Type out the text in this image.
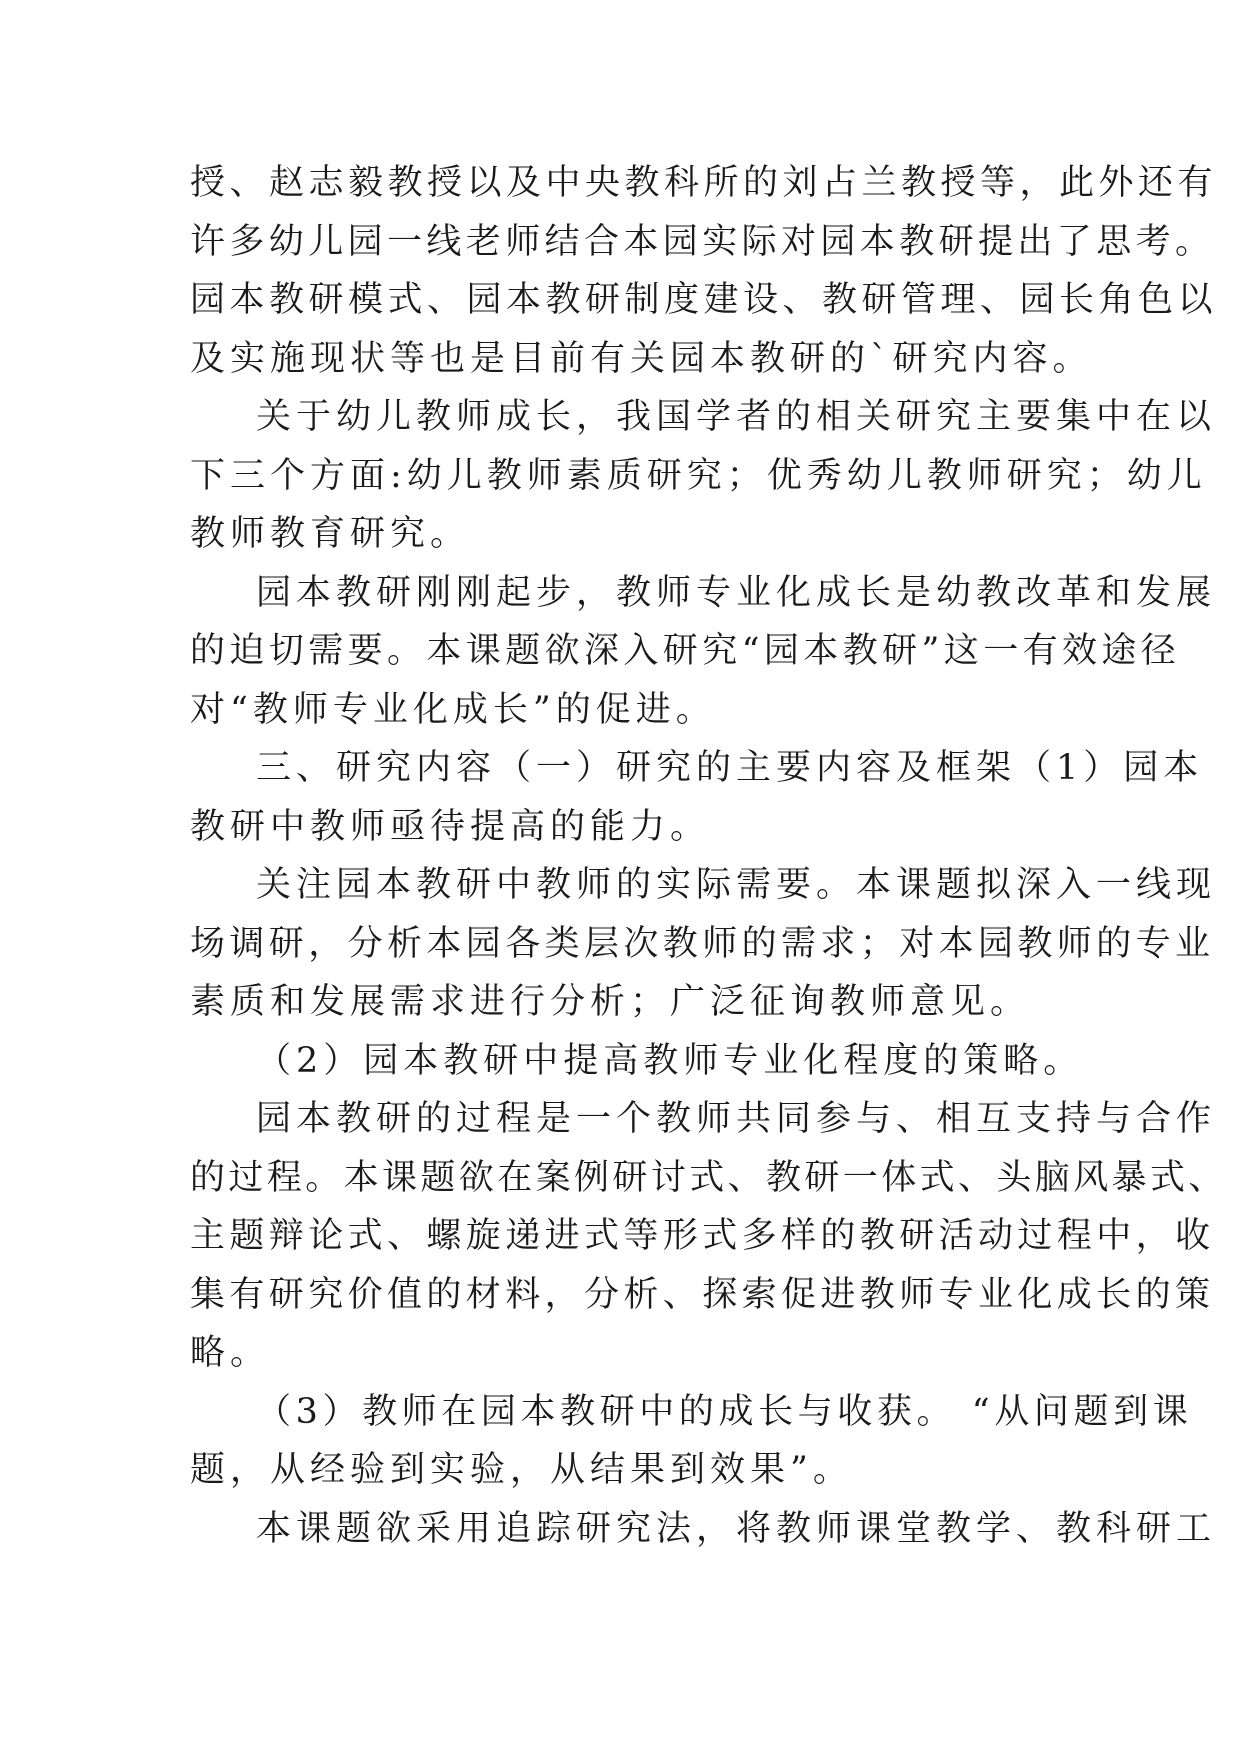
授、赵志毅教授以及中央教科所的刘占兰教授等，此外还有
许多幼儿园一线老师结合本园实际对园本教研提出了思考。
园本教研模式、园本教研制度建设、教研管理、园长角色以
及实施现状等也是目前有关园本教研的`研究内容。
关于幼儿教师成长，我国学者的相关研究主要集中在以
下三个方面:幼儿教师素质研究；优秀幼儿教师研究；幼儿
教师教育研究。
园本教研刚刚起步，教师专业化成长是幼教改革和发展
的迫切需要。本课题欲深入研究“园本教研”这一有效途径
对“教师专业化成长”的促进。
三、研究内容（一）研究的主要内容及框架（1）园本
教研中教师亟待提高的能力。
关注园本教研中教师的实际需要。本课题拟深入一线现
场调研，分析本园各类层次教师的需求；对本园教师的专业
素质和发展需求进行分析；广泛征询教师意见。
（2）园本教研中提高教师专业化程度的策略。
园本教研的过程是一个教师共同参与、相互支持与合作
的过程。本课题欲在案例研讨式、教研一体式、头脑风暴式、
主题辩论式、螺旋递进式等形式多样的教研活动过程中，收
集有研究价值的材料，分析、探索促进教师专业化成长的策
略。
（3）教师在园本教研中的成长与收获。 “从问题到课
题，从经验到实验，从结果到效果”。
本课题欲采用追踪研究法，将教师课堂教学、教科研工
